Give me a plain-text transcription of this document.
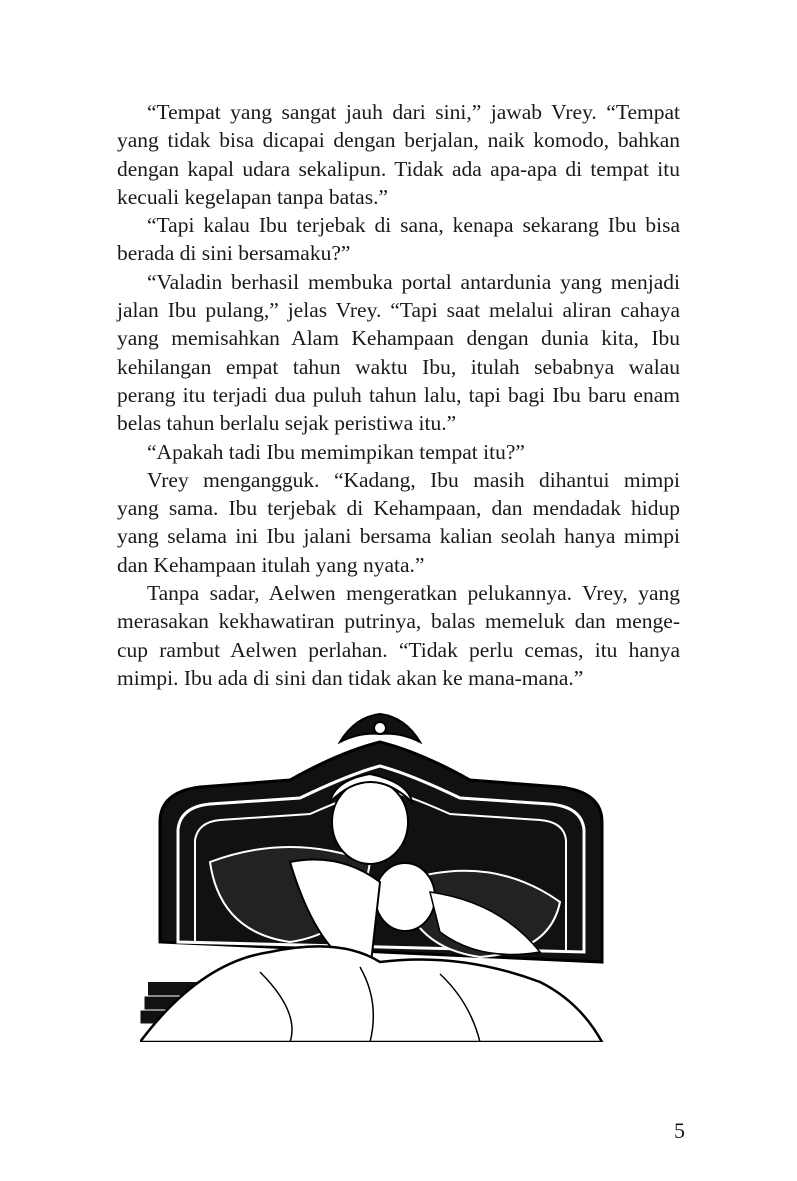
“Tempat yang sangat jauh dari sini,” jawab Vrey. “Tempat
yang tidak bisa dicapai dengan berjalan, naik komodo, bahkan
dengan kapal udara sekalipun. Tidak ada apa-apa di tempat itu
kecuali kegelapan tanpa batas.”
“Tapi kalau Ibu terjebak di sana, kenapa sekarang Ibu bisa
berada di sini bersamaku?”
“Valadin berhasil membuka portal antardunia yang menjadi
jalan Ibu pulang,” jelas Vrey. “Tapi saat melalui aliran cahaya
yang memisahkan Alam Kehampaan dengan dunia kita, Ibu
kehilangan empat tahun waktu Ibu, itulah sebabnya walau
perang itu terjadi dua puluh tahun lalu, tapi bagi Ibu baru enam
belas tahun berlalu sejak peristiwa itu.”
“Apakah tadi Ibu memimpikan tempat itu?”
Vrey mengangguk. “Kadang, Ibu masih dihantui mimpi
yang sama. Ibu terjebak di Kehampaan, dan mendadak hidup
yang selama ini Ibu jalani bersama kalian seolah hanya mimpi
dan Kehampaan itulah yang nyata.”
Tanpa sadar, Aelwen mengeratkan pelukannya. Vrey, yang
merasakan kekhawatiran putrinya, balas memeluk dan menge-
cup rambut Aelwen perlahan. “Tidak perlu cemas, itu hanya
mimpi. Ibu ada di sini dan tidak akan ke mana-mana.”
5
